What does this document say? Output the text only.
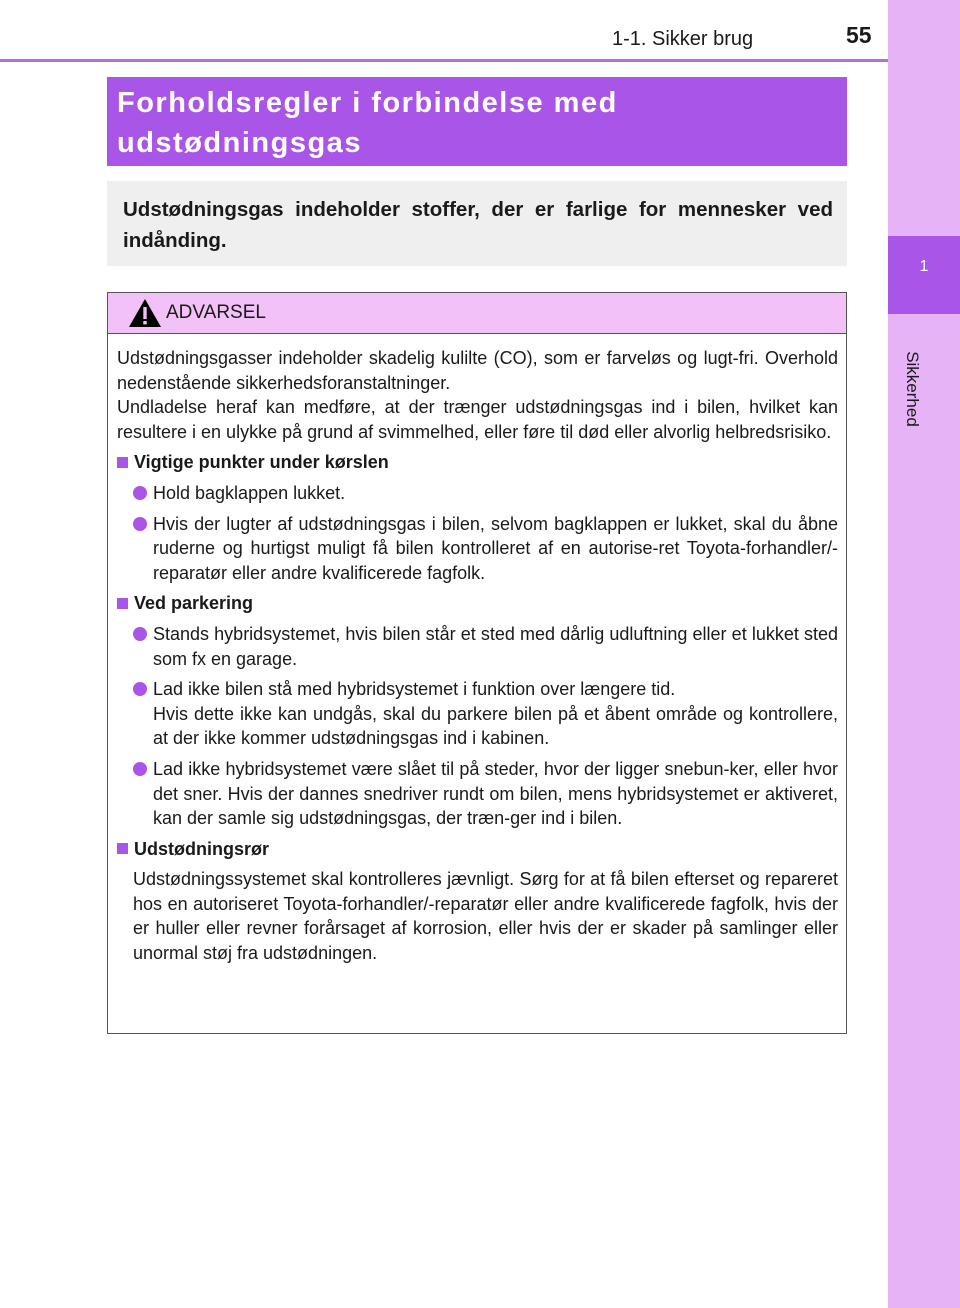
1
Sikkerhed
1-1. Sikker brug	55
Forholdsregler i forbindelse med
udstødningsgas
Udstødningsgas indeholder stoffer, der er farlige for mennesker ved indånding.
ADVARSEL
Udstødningsgasser indeholder skadelig kulilte (CO), som er farveløs og lugt-fri. Overhold nedenstående sikkerhedsforanstaltninger.
Undladelse heraf kan medføre, at der trænger udstødningsgas ind i bilen, hvilket kan resultere i en ulykke på grund af svimmelhed, eller føre til død eller alvorlig helbredsrisiko.
Vigtige punkter under kørslen
Hold bagklappen lukket.
Hvis der lugter af udstødningsgas i bilen, selvom bagklappen er lukket, skal du åbne ruderne og hurtigst muligt få bilen kontrolleret af en autorise-ret Toyota-forhandler/-reparatør eller andre kvalificerede fagfolk.
Ved parkering
Stands hybridsystemet, hvis bilen står et sted med dårlig udluftning eller et lukket sted som fx en garage.
Lad ikke bilen stå med hybridsystemet i funktion over længere tid.
Hvis dette ikke kan undgås, skal du parkere bilen på et åbent område og kontrollere, at der ikke kommer udstødningsgas ind i kabinen.
Lad ikke hybridsystemet være slået til på steder, hvor der ligger snebun-ker, eller hvor det sner. Hvis der dannes snedriver rundt om bilen, mens hybridsystemet er aktiveret, kan der samle sig udstødningsgas, der træn-ger ind i bilen.
Udstødningsrør
Udstødningssystemet skal kontrolleres jævnligt. Sørg for at få bilen efterset og repareret hos en autoriseret Toyota-forhandler/-reparatør eller andre kvalificerede fagfolk, hvis der er huller eller revner forårsaget af korrosion, eller hvis der er skader på samlinger eller unormal støj fra udstødningen.
